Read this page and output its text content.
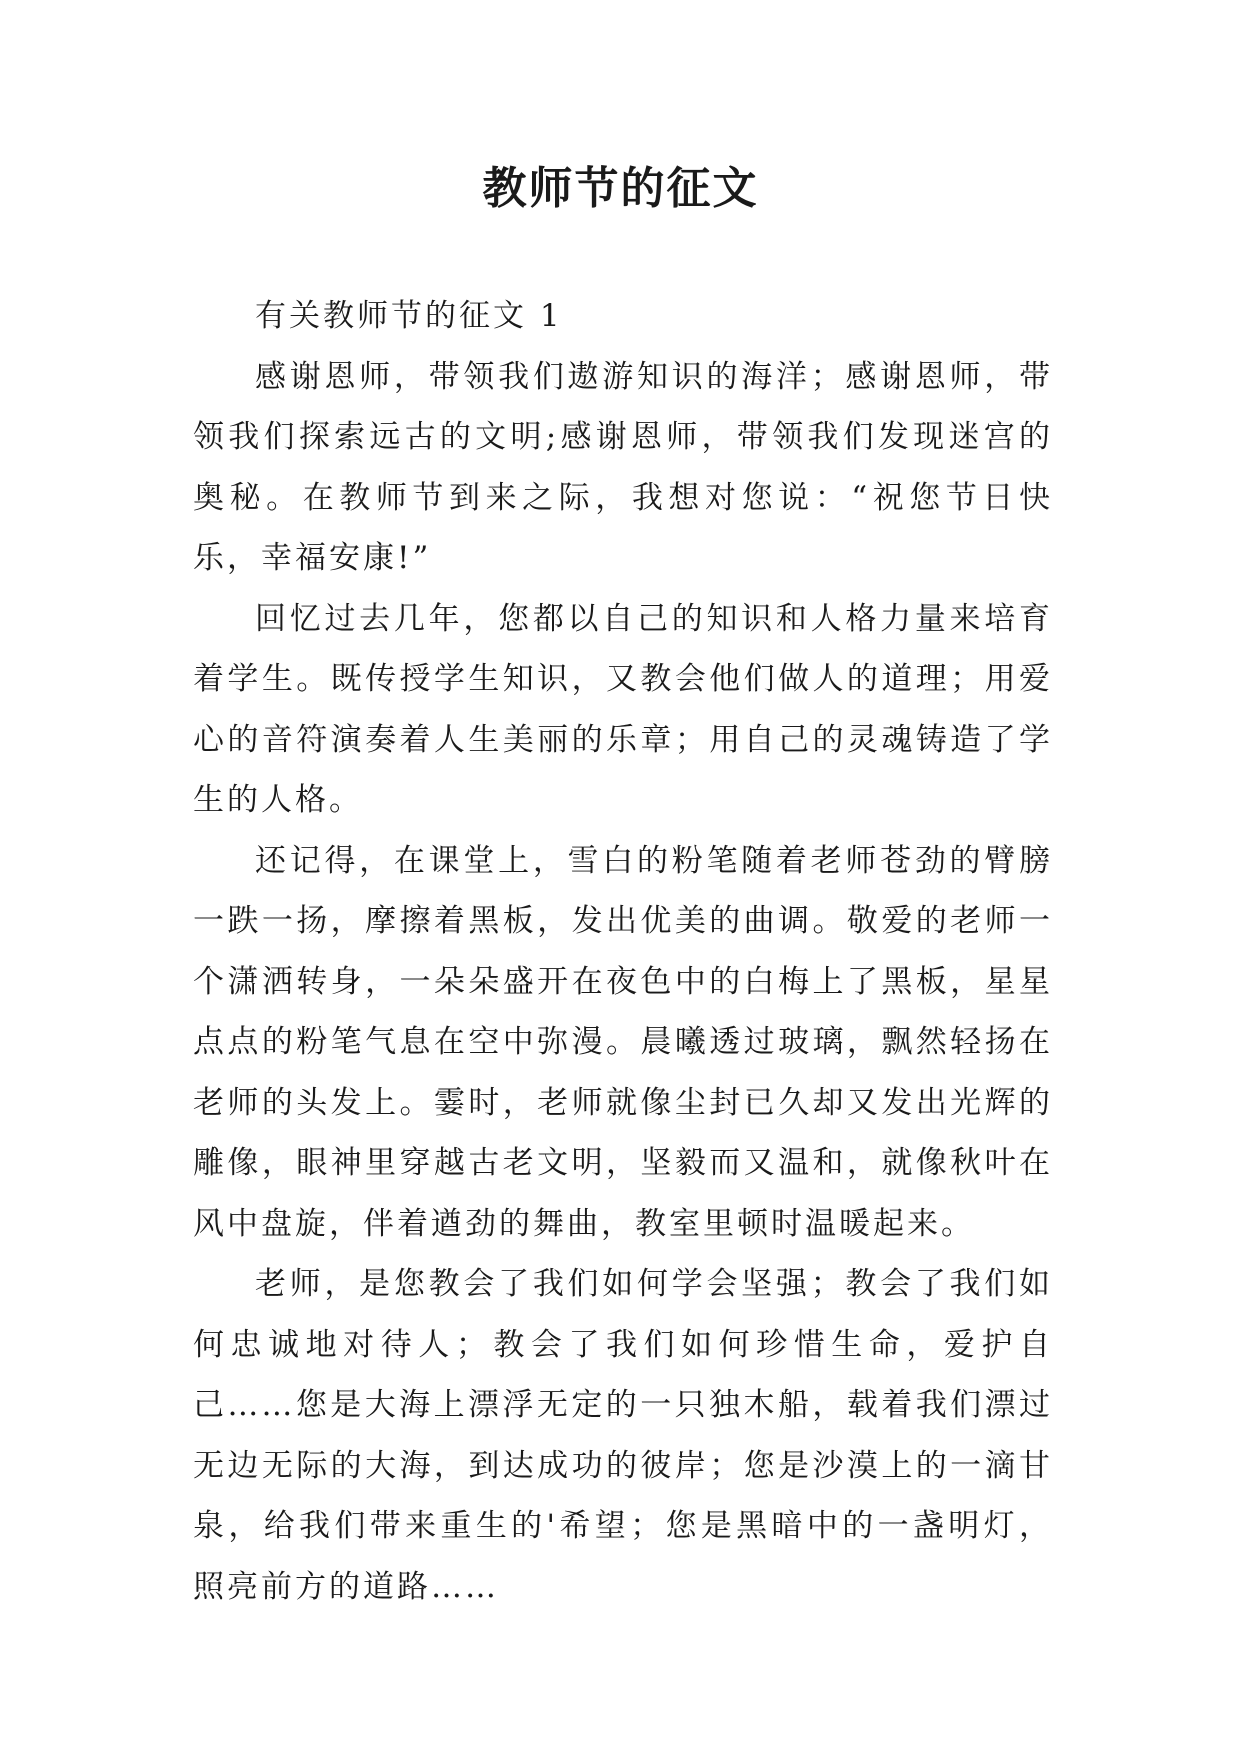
教师节的征文

有关教师节的征文 1

感谢恩师，带领我们遨游知识的海洋；感谢恩师，带领我们探索远古的文明;感谢恩师，带领我们发现迷宫的奥秘。在教师节到来之际，我想对您说：“祝您节日快乐，幸福安康!”

回忆过去几年，您都以自己的知识和人格力量来培育着学生。既传授学生知识，又教会他们做人的道理；用爱心的音符演奏着人生美丽的乐章；用自己的灵魂铸造了学生的人格。

还记得，在课堂上，雪白的粉笔随着老师苍劲的臂膀一跌一扬，摩擦着黑板，发出优美的曲调。敬爱的老师一个潇洒转身，一朵朵盛开在夜色中的白梅上了黑板，星星点点的粉笔气息在空中弥漫。晨曦透过玻璃，飘然轻扬在老师的头发上。霎时，老师就像尘封已久却又发出光辉的雕像，眼神里穿越古老文明，坚毅而又温和，就像秋叶在风中盘旋，伴着遒劲的舞曲，教室里顿时温暖起来。

老师，是您教会了我们如何学会坚强；教会了我们如何忠诚地对待人；教会了我们如何珍惜生命，爱护自己……您是大海上漂浮无定的一只独木船，载着我们漂过无边无际的大海，到达成功的彼岸；您是沙漠上的一滴甘泉，给我们带来重生的'希望；您是黑暗中的一盏明灯，照亮前方的道路……
